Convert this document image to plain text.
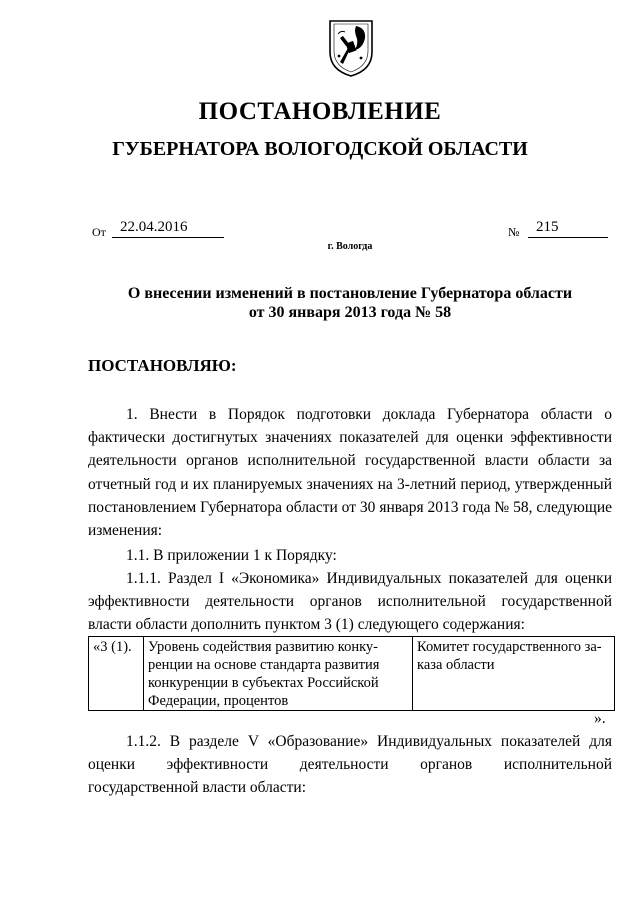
ПОСТАНОВЛЕНИЕ
ГУБЕРНАТОРА ВОЛОГОДСКОЙ ОБЛАСТИ
От 22.04.2016	№	215
г. Вологда
О внесении изменений в постановление Губернатора области
от 30 января 2013 года № 58
ПОСТАНОВЛЯЮ:
1. Внести в Порядок подготовки доклада Губернатора области о фактически достигнутых значениях показателей для оценки эффективности деятельности органов исполнительной государственной власти области за отчетный год и их планируемых значениях на 3-летний период, утвержденный постановлением Губернатора области от 30 января 2013 года № 58, следующие изменения:
1.1. В приложении 1 к Порядку:
1.1.1. Раздел I «Экономика» Индивидуальных показателей для оценки эффективности деятельности органов исполнительной государственной власти области дополнить пунктом 3 (1) следующего содержания:
«3 (1).	Уровень содействия развитию конку-ренции на основе стандарта развития конкуренции в субъектах Российской Федерации, процентов	Комитет государственного за-каза области
».
1.1.2. В разделе V «Образование» Индивидуальных показателей для оценки эффективности деятельности органов исполнительной государственной власти области:
